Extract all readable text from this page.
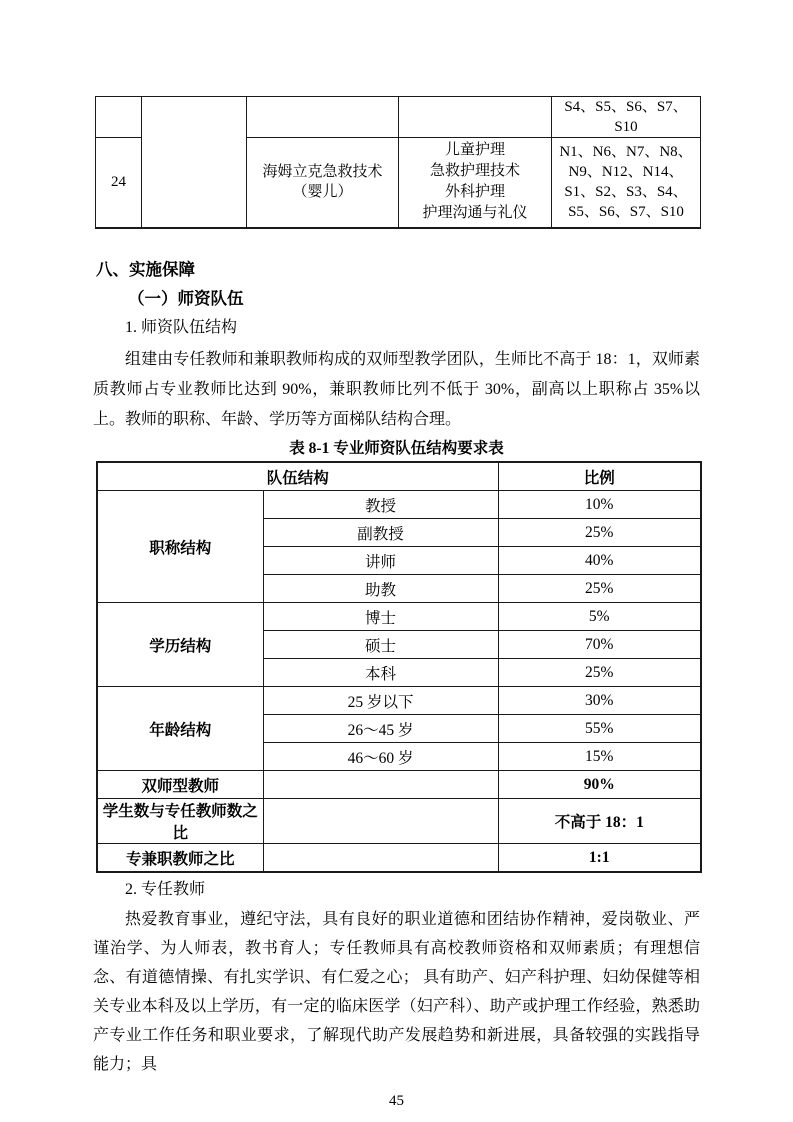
				S4、S5、S6、S7、S10
24		海姆立克急救技术（婴儿）	儿童护理
急救护理技术
外科护理
护理沟通与礼仪	N1、N6、N7、N8、N9、N12、N14、S1、S2、S3、S4、S5、S6、S7、S10
八、实施保障
（一）师资队伍
1. 师资队伍结构
组建由专任教师和兼职教师构成的双师型教学团队，生师比不高于 18：1，双师素质教师占专业教师比达到 90%，兼职教师比列不低于 30%，副高以上职称占 35%以上。教师的职称、年龄、学历等方面梯队结构合理。
表 8-1 专业师资队伍结构要求表
队伍结构		比例
职称结构	教授	10%
	副教授	25%
	讲师	40%
	助教	25%
学历结构	博士	5%
	硕士	70%
	本科	25%
年龄结构	25 岁以下	30%
	26～45 岁	55%
	46～60 岁	15%
双师型教师		90%
学生数与专任教师数之比		不高于 18：1
专兼职教师之比		1:1
2. 专任教师
热爱教育事业，遵纪守法，具有良好的职业道德和团结协作精神，爱岗敬业、严谨治学、为人师表，教书育人；专任教师具有高校教师资格和双师素质；有理想信念、有道德情操、有扎实学识、有仁爱之心； 具有助产、妇产科护理、妇幼保健等相关专业本科及以上学历，有一定的临床医学（妇产科）、助产或护理工作经验，熟悉助产专业工作任务和职业要求，了解现代助产发展趋势和新进展，具备较强的实践指导能力；具
45
